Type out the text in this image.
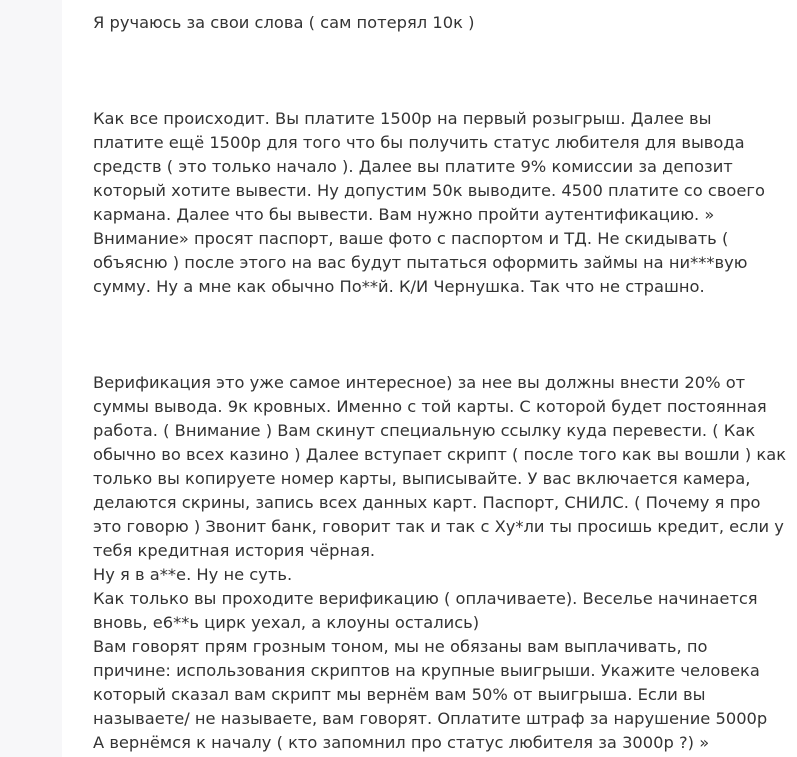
Я ручаюсь за свои слова ( сам потерял 10к )
Как все происходит. Вы платите 1500р на первый розыгрыш. Далее вы
платите ещё 1500р для того что бы получить статус любителя для вывода
средств ( это только начало ). Далее вы платите 9% комиссии за депозит
который хотите вывести. Ну допустим 50к выводите. 4500 платите со своего
кармана. Далее что бы вывести. Вам нужно пройти аутентификацию. »
Внимание» просят паспорт, ваше фото с паспортом и ТД. Не скидывать (
объясню ) после этого на вас будут пытаться оформить займы на ни***вую
сумму. Ну а мне как обычно По**й. К/И Чернушка. Так что не страшно.
Верификация это уже самое интересное) за нее вы должны внести 20% от
суммы вывода. 9к кровных. Именно с той карты. С которой будет постоянная
работа. ( Внимание ) Вам скинут специальную ссылку куда перевести. ( Как
обычно во всех казино ) Далее вступает скрипт ( после того как вы вошли ) как
только вы копируете номер карты, выписывайте. У вас включается камера,
делаются скрины, запись всех данных карт. Паспорт, СНИЛС. ( Почему я про
это говорю ) Звонит банк, говорит так и так с Ху*ли ты просишь кредит, если у
тебя кредитная история чёрная.
Ну я в а**е. Ну не суть.
Как только вы проходите верификацию ( оплачиваете). Веселье начинается
вновь, е6**ь цирк уехал, а клоуны остались)
Вам говорят прям грозным тоном, мы не обязаны вам выплачивать, по
причине: использования скриптов на крупные выигрыши. Укажите человека
который сказал вам скрипт мы вернём вам 50% от выигрыша. Если вы
называете/ не называете, вам говорят. Оплатите штраф за нарушение 5000р
А вернёмся к началу ( кто запомнил про статус любителя за 3000р ?) »
